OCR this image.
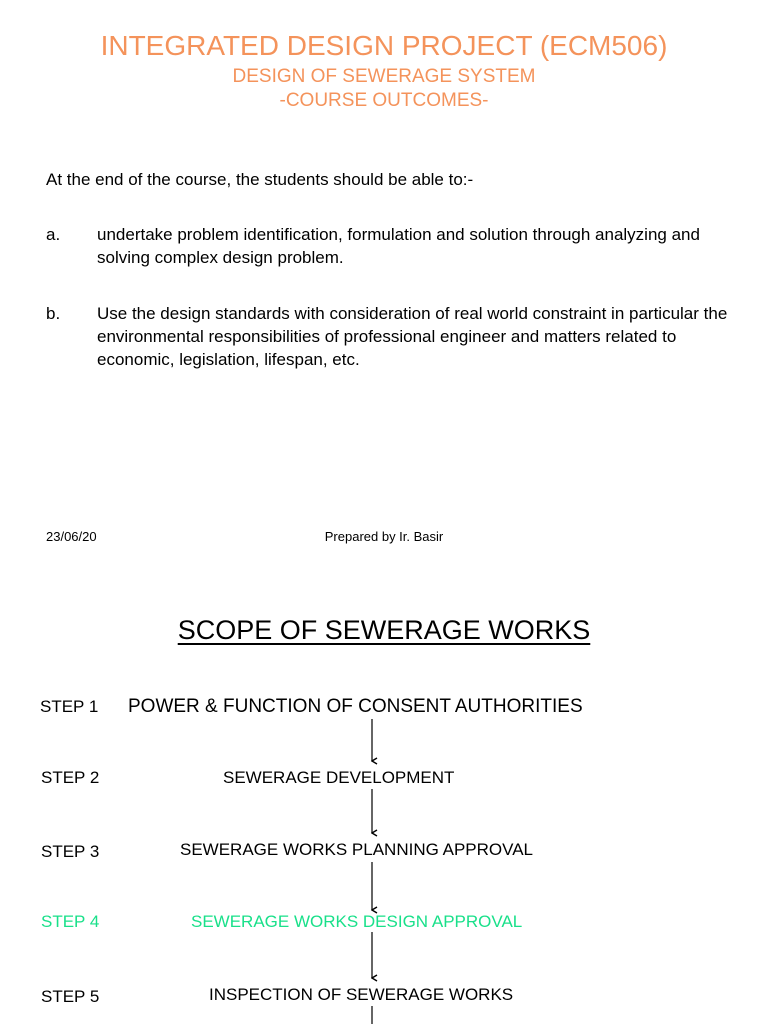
INTEGRATED DESIGN PROJECT (ECM506)
DESIGN OF SEWERAGE SYSTEM
-COURSE OUTCOMES-
At the end of the course, the students should be able to:-
a. undertake problem identification, formulation and solution through analyzing and solving complex design problem.
b. Use the design standards with consideration of real world constraint in particular the environmental responsibilities of professional engineer and matters related to economic, legislation, lifespan, etc.
23/06/20	Prepared by Ir. Basir
SCOPE OF SEWERAGE WORKS
STEP 1 POWER & FUNCTION OF CONSENT AUTHORITIES
STEP 2	SEWERAGE DEVELOPMENT
STEP 3	SEWERAGE WORKS PLANNING APPROVAL
STEP 4	SEWERAGE WORKS DESIGN APPROVAL
STEP 5	INSPECTION OF SEWERAGE WORKS
